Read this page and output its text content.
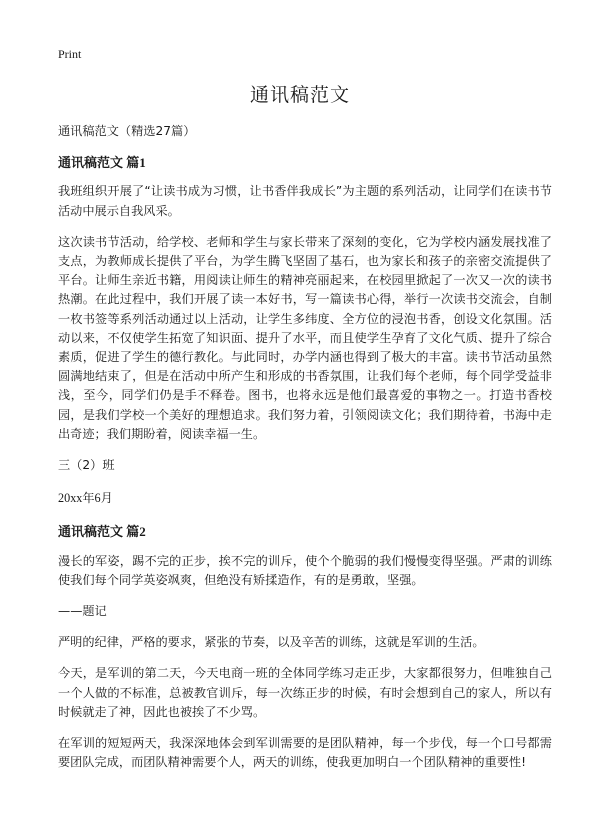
Print
通讯稿范文
通讯稿范文（精选27篇）
通讯稿范文 篇1
我班组织开展了“让读书成为习惯，让书香伴我成长”为主题的系列活动，让同学们在读书节活动中展示自我风采。
这次读书节活动，给学校、老师和学生与家长带来了深刻的变化，它为学校内涵发展找准了支点，为教师成长提供了平台，为学生腾飞坚固了基石，也为家长和孩子的亲密交流提供了平台。让师生亲近书籍，用阅读让师生的精神亮丽起来，在校园里掀起了一次又一次的读书热潮。在此过程中，我们开展了读一本好书，写一篇读书心得，举行一次读书交流会，自制一枚书签等系列活动通过以上活动，让学生多纬度、全方位的浸泡书香，创设文化氛围。活动以来，不仅使学生拓宽了知识面、提升了水平，而且使学生孕育了文化气质、提升了综合素质，促进了学生的德行教化。与此同时，办学内涵也得到了极大的丰富。读书节活动虽然圆满地结束了，但是在活动中所产生和形成的书香氛围，让我们每个老师，每个同学受益非浅，至今，同学们仍是手不释卷。图书，也将永远是他们最喜爱的事物之一。打造书香校园，是我们学校一个美好的理想追求。我们努力着，引领阅读文化；我们期待着，书海中走出奇迹；我们期盼着，阅读幸福一生。
三（2）班
20xx年6月
通讯稿范文 篇2
漫长的军姿，踢不完的正步，挨不完的训斥，使个个脆弱的我们慢慢变得坚强。严肃的训练使我们每个同学英姿飒爽，但绝没有矫揉造作，有的是勇敢，坚强。
——题记
严明的纪律，严格的要求，紧张的节奏，以及辛苦的训练，这就是军训的生活。
今天，是军训的第二天，今天电商一班的全体同学练习走正步，大家都很努力，但唯独自己一个人做的不标准，总被教官训斥，每一次练正步的时候，有时会想到自己的家人，所以有时候就走了神，因此也被挨了不少骂。
在军训的短短两天，我深深地体会到军训需要的是团队精神，每一个步伐，每一个口号都需要团队完成，而团队精神需要个人，两天的训练，使我更加明白一个团队精神的重要性!
